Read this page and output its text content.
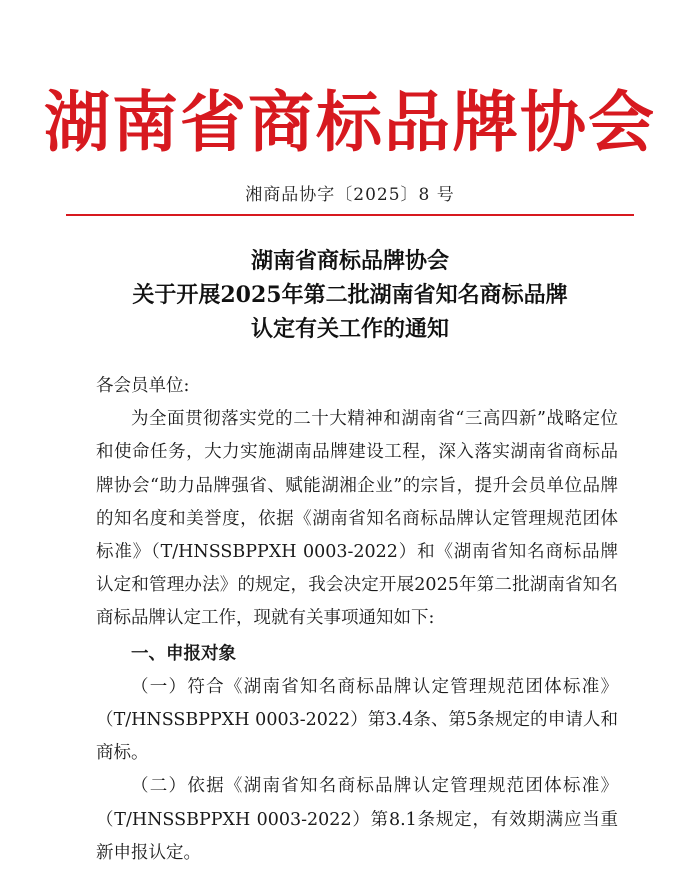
湖南省商标品牌协会
湘商品协字〔2025〕8 号
湖南省商标品牌协会
关于开展2025年第二批湖南省知名商标品牌
认定有关工作的通知

各会员单位:

为全面贯彻落实党的二十大精神和湖南省“三高四新”战略定位和使命任务，大力实施湖南品牌建设工程，深入落实湖南省商标品牌协会“助力品牌强省、赋能湖湘企业”的宗旨，提升会员单位品牌的知名度和美誉度，依据《湖南省知名商标品牌认定管理规范团体标准》（T/HNSSBPPXH 0003-2022）和《湖南省知名商标品牌认定和管理办法》的规定，我会决定开展2025年第二批湖南省知名商标品牌认定工作，现就有关事项通知如下:

一、申报对象

（一）符合《湖南省知名商标品牌认定管理规范团体标准》（T/HNSSBPPXH 0003-2022）第3.4条、第5条规定的申请人和商标。

（二）依据《湖南省知名商标品牌认定管理规范团体标准》（T/HNSSBPPXH 0003-2022）第8.1条规定，有效期满应当重新申报认定。
